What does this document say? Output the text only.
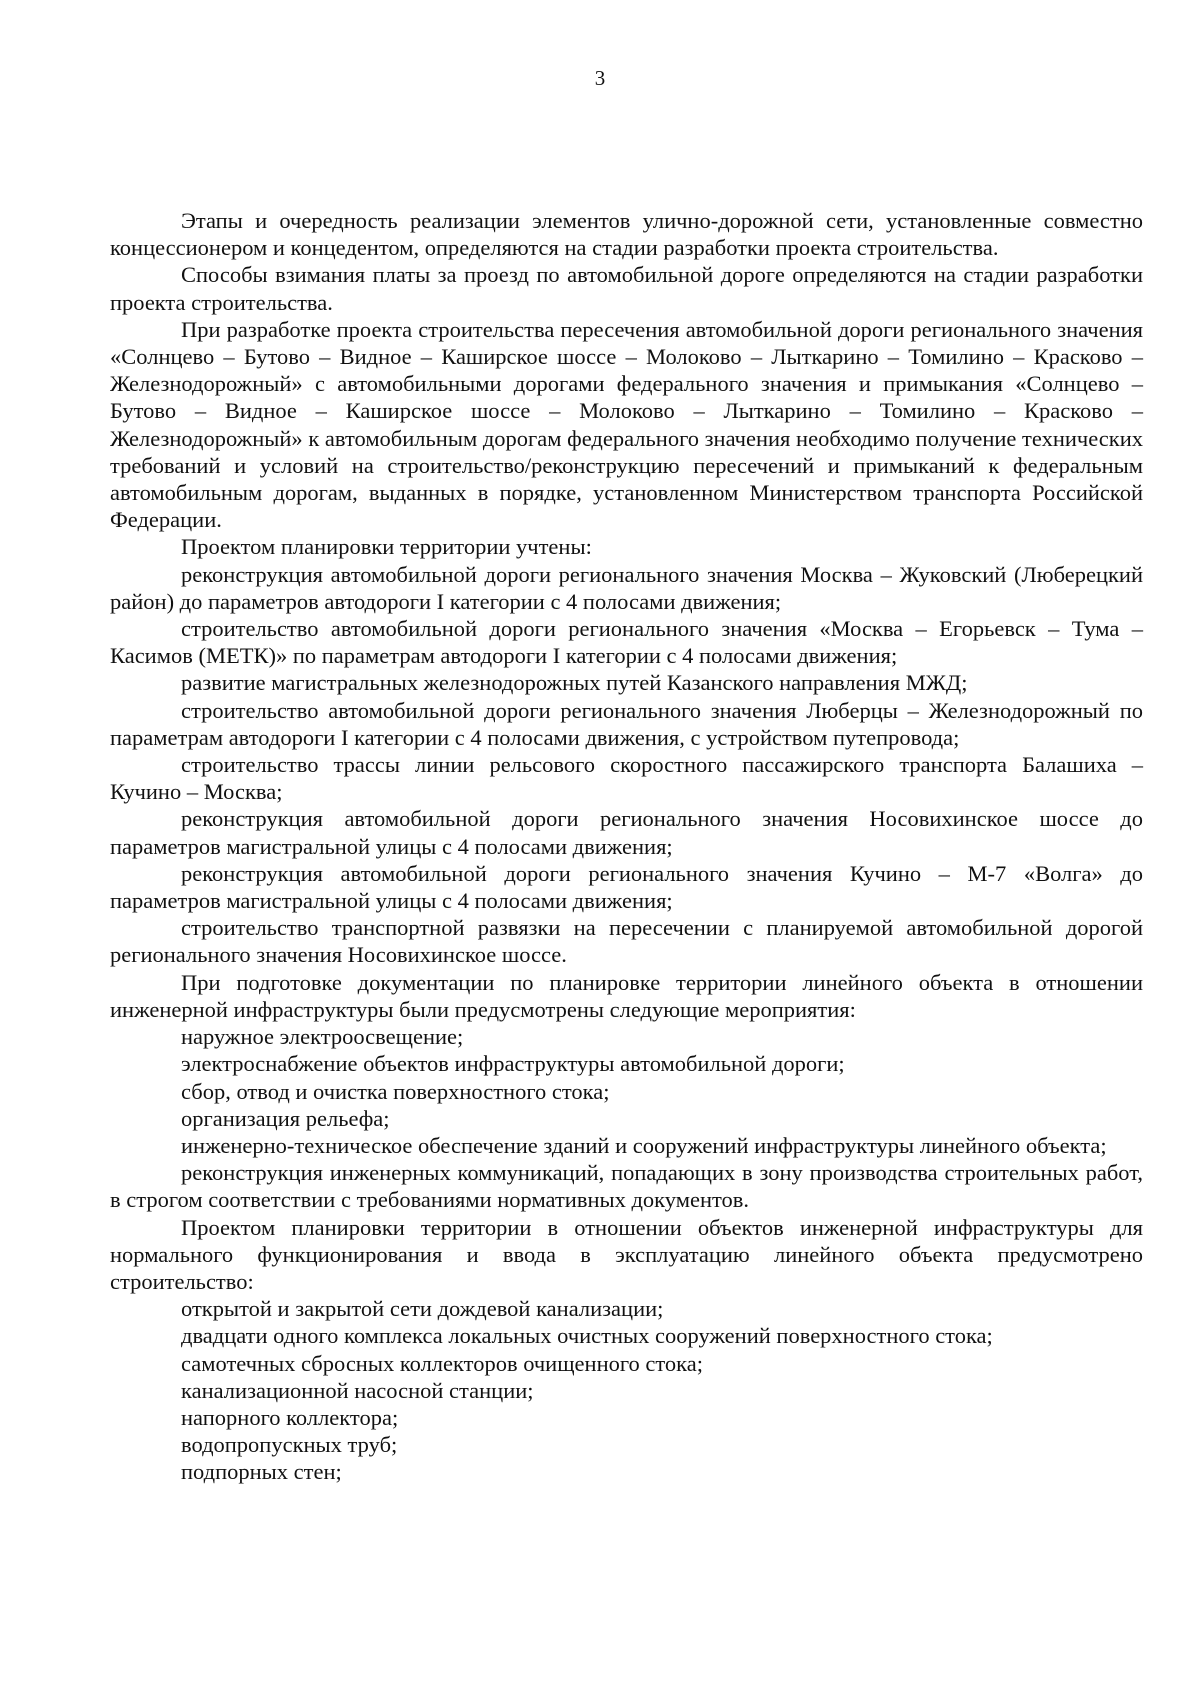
3

Этапы и очередность реализации элементов улично-дорожной сети, установленные совместно концессионером и концедентом, определяются на стадии разработки проекта строительства.

Способы взимания платы за проезд по автомобильной дороге определяются на стадии разработки проекта строительства.

При разработке проекта строительства пересечения автомобильной дороги регионального значения «Солнцево – Бутово – Видное – Каширское шоссе – Молоково – Лыткарино – Томилино – Красково – Железнодорожный» с автомобильными дорогами федерального значения и примыкания «Солнцево – Бутово – Видное – Каширское шоссе – Молоково – Лыткарино – Томилино – Красково – Железнодорожный» к автомобильным дорогам федерального значения необходимо получение технических требований и условий на строительство/реконструкцию пересечений и примыканий к федеральным автомобильным дорогам, выданных в порядке, установленном Министерством транспорта Российской Федерации.

Проектом планировки территории учтены:

реконструкция автомобильной дороги регионального значения Москва – Жуковский (Люберецкий район) до параметров автодороги I категории с 4 полосами движения;

строительство автомобильной дороги регионального значения «Москва – Егорьевск – Тума – Касимов (МЕТК)» по параметрам автодороги I категории с 4 полосами движения;

развитие магистральных железнодорожных путей Казанского направления МЖД;

строительство автомобильной дороги регионального значения Люберцы – Железнодорожный по параметрам автодороги I категории с 4 полосами движения, с устройством путепровода;

строительство трассы линии рельсового скоростного пассажирского транспорта Балашиха – Кучино – Москва;

реконструкция автомобильной дороги регионального значения Носовихинское шоссе до параметров магистральной улицы с 4 полосами движения;

реконструкция автомобильной дороги регионального значения Кучино – М-7 «Волга» до параметров магистральной улицы с 4 полосами движения;

строительство транспортной развязки на пересечении с планируемой автомобильной дорогой регионального значения Носовихинское шоссе.

При подготовке документации по планировке территории линейного объекта в отношении инженерной инфраструктуры были предусмотрены следующие мероприятия:

наружное электроосвещение;

электроснабжение объектов инфраструктуры автомобильной дороги;

сбор, отвод и очистка поверхностного стока;

организация рельефа;

инженерно-техническое обеспечение зданий и сооружений инфраструктуры линейного объекта;

реконструкция инженерных коммуникаций, попадающих в зону производства строительных работ, в строгом соответствии с требованиями нормативных документов.

Проектом планировки территории в отношении объектов инженерной инфраструктуры для нормального функционирования и ввода в эксплуатацию линейного объекта предусмотрено строительство:

открытой и закрытой сети дождевой канализации;

двадцати одного комплекса локальных очистных сооружений поверхностного стока;

самотечных сбросных коллекторов очищенного стока;

канализационной насосной станции;

напорного коллектора;

водопропускных труб;

подпорных стен;
